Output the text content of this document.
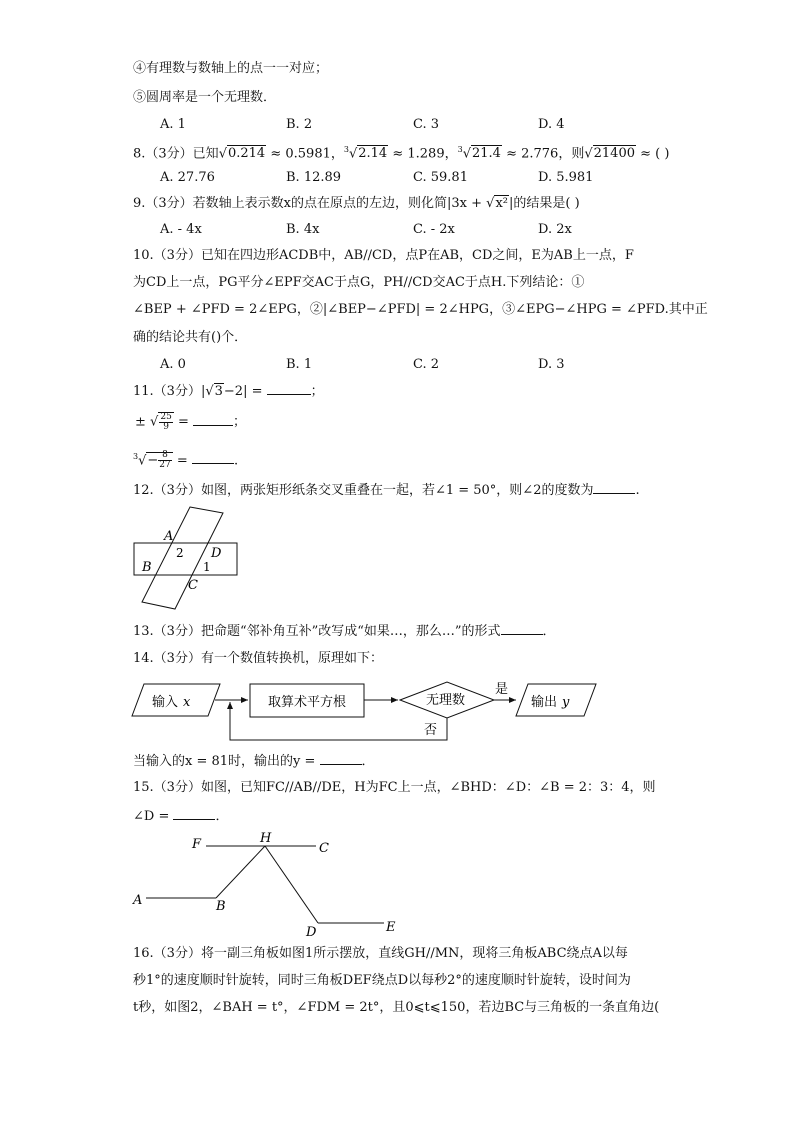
④有理数与数轴上的点一一对应；
⑤圆周率是一个无理数．
A. 1	B. 2	C. 3	D. 4
8.（3分）已知√0.214 ≈ 0.5981，$^3$√2.14 ≈ 1.289，$^3$√21.4 ≈ 2.776，则√21400 ≈ ( )
A. 27.76	B. 12.89	C. 59.81	D. 5.981
9.（3分）若数轴上表示数x的点在原点的左边，则化简|3x + √x²|的结果是( )
A. - 4x	B. 4x	C. - 2x	D. 2x
10.（3分）已知在四边形ACDB中，AB//CD，点P在AB，CD之间，E为AB上一点，F
为CD上一点，PG平分∠EPF交AC于点G，PH//CD交AC于点H.下列结论：①
∠BEP + ∠PFD = 2∠EPG，②|∠BEP−∠PFD| = 2∠HPG，③∠EPG−∠HPG = ∠PFD.其中正
确的结论共有()个．
A. 0	B. 1	C. 2	D. 3
11.（3分）|√3−2| =	；
± √ $\frac{25}{9}$ =	；
$^3√- \frac{8}{27}$ =	.
12.（3分）如图，两张矩形纸条交叉重叠在一起，若∠1 = 50°，则∠2的度数为	.
A
B
C
D
1
2
13.（3分）把命题“邻补角互补”改写成“如果…，那么…”的形式	．
14.（3分）有一个数值转换机，原理如下：
输入 x	取算术平方根	无理数
是
输出 y
否
当输入的x = 81时，输出的y =	．
15.（3分）如图，已知FC//AB//DE，H为FC上一点，∠BHD：∠D：∠B = 2：3：4，则
∠D =	．
F	H
C
A	B
D	E
16.（3分）将一副三角板如图1所示摆放，直线GH//MN，现将三角板ABC绕点A以每
秒1°的速度顺时针旋转，同时三角板DEF绕点D以每秒2°的速度顺时针旋转，设时间为
t秒，如图2，∠BAH = t°，∠FDM = 2t°，且0⩽t⩽150，若边BC与三角板的一条直角边(
